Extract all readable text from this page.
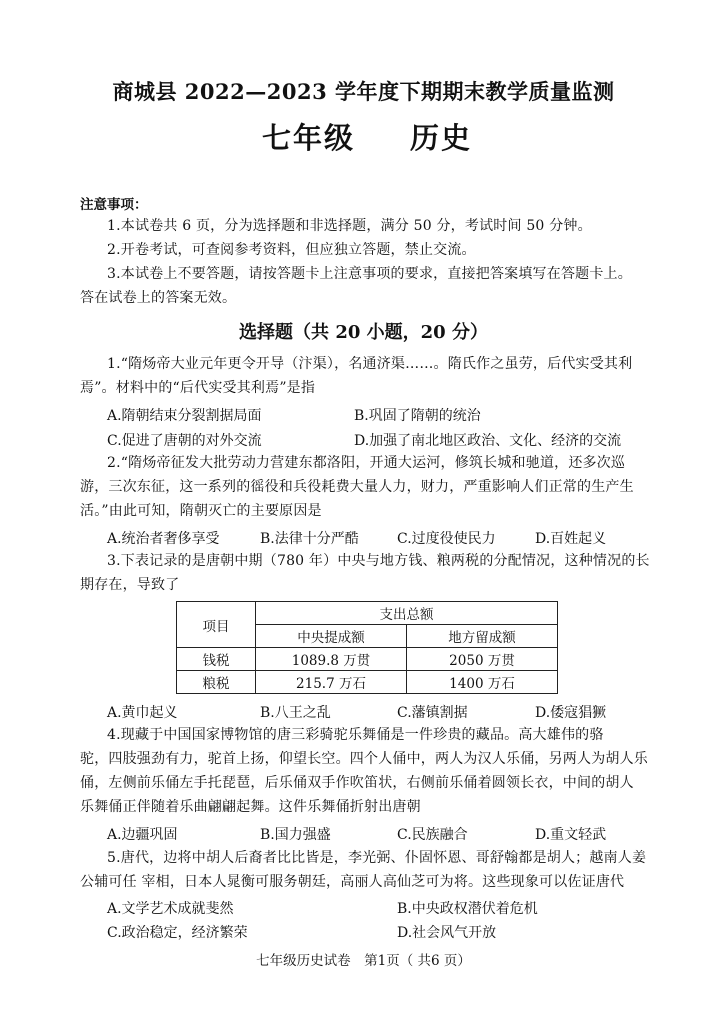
商城县 2022—2023 学年度下期期末教学质量监测
七年级 历史
注意事项：
1.本试卷共 6 页，分为选择题和非选择题，满分 50 分，考试时间 50 分钟。
2.开卷考试，可查阅参考资料，但应独立答题，禁止交流。
3.本试卷上不要答题，请按答题卡上注意事项的要求，直接把答案填写在答题卡上。
答在试卷上的答案无效。
选择题（共 20 小题，20 分）
1.“隋炀帝大业元年更令开导（汴渠），名通济渠……。隋氏作之虽劳，后代实受其利
焉”。材料中的“后代实受其利焉”是指
A.隋朝结束分裂割据局面	B.巩固了隋朝的统治
C.促进了唐朝的对外交流	D.加强了南北地区政治、文化、经济的交流
2.“隋炀帝征发大批劳动力营建东都洛阳，开通大运河，修筑长城和驰道，还多次巡
游，三次东征，这一系列的徭役和兵役耗费大量人力，财力，严重影响人们正常的生产生
活。”由此可知，隋朝灭亡的主要原因是
A.统治者奢侈享受	B.法律十分严酷	C.过度役使民力	D.百姓起义
3.下表记录的是唐朝中期（780 年）中央与地方钱、粮两税的分配情况，这种情况的长
期存在，导致了
项目	支出总额	
	中央提成额	地方留成额
钱税	1089.8 万贯	2050 万贯
粮税	215.7 万石	1400 万石
A.黄巾起义	B.八王之乱	C.藩镇割据	D.倭寇猖獗
4.现藏于中国国家博物馆的唐三彩骑驼乐舞俑是一件珍贵的藏品。高大雄伟的骆
驼，四肢强劲有力，驼首上扬，仰望长空。四个人俑中，两人为汉人乐俑，另两人为胡人乐
俑，左侧前乐俑左手托琵琶，后乐俑双手作吹笛状，右侧前乐俑着圆领长衣，中间的胡人
乐舞俑正伴随着乐曲翩翩起舞。这件乐舞俑折射出唐朝
A.边疆巩固	B.国力强盛	C.民族融合	D.重文轻武
5.唐代，边将中胡人后裔者比比皆是，李光弼、仆固怀恩、哥舒翰都是胡人；越南人姜
公辅可任 宰相，日本人晁衡可服务朝廷，高丽人高仙芝可为将。这些现象可以佐证唐代
A.文学艺术成就斐然	B.中央政权潜伏着危机
C.政治稳定，经济繁荣	D.社会风气开放
七年级历史试卷　第1页（ 共6 页）
